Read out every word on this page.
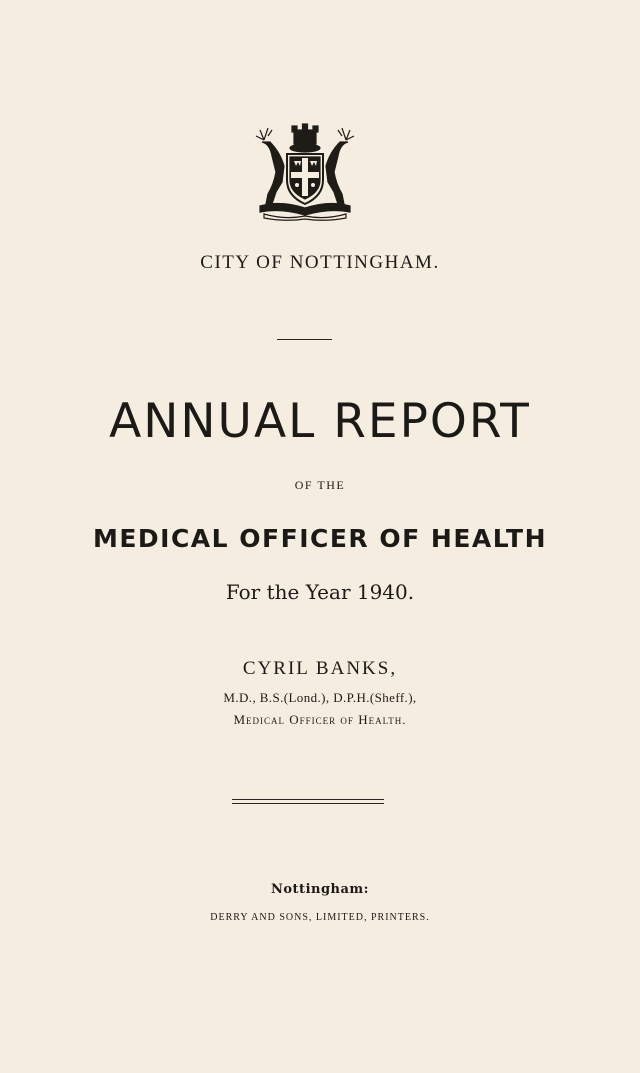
CITY OF NOTTINGHAM.
ANNUAL REPORT
OF THE
MEDICAL OFFICER OF HEALTH
For the Year 1940.
CYRIL BANKS,
M.D., B.S.(Lond.), D.P.H.(Sheff.),
Medical Officer of Health.
Nottingham:
DERRY AND SONS, LIMITED, PRINTERS.
